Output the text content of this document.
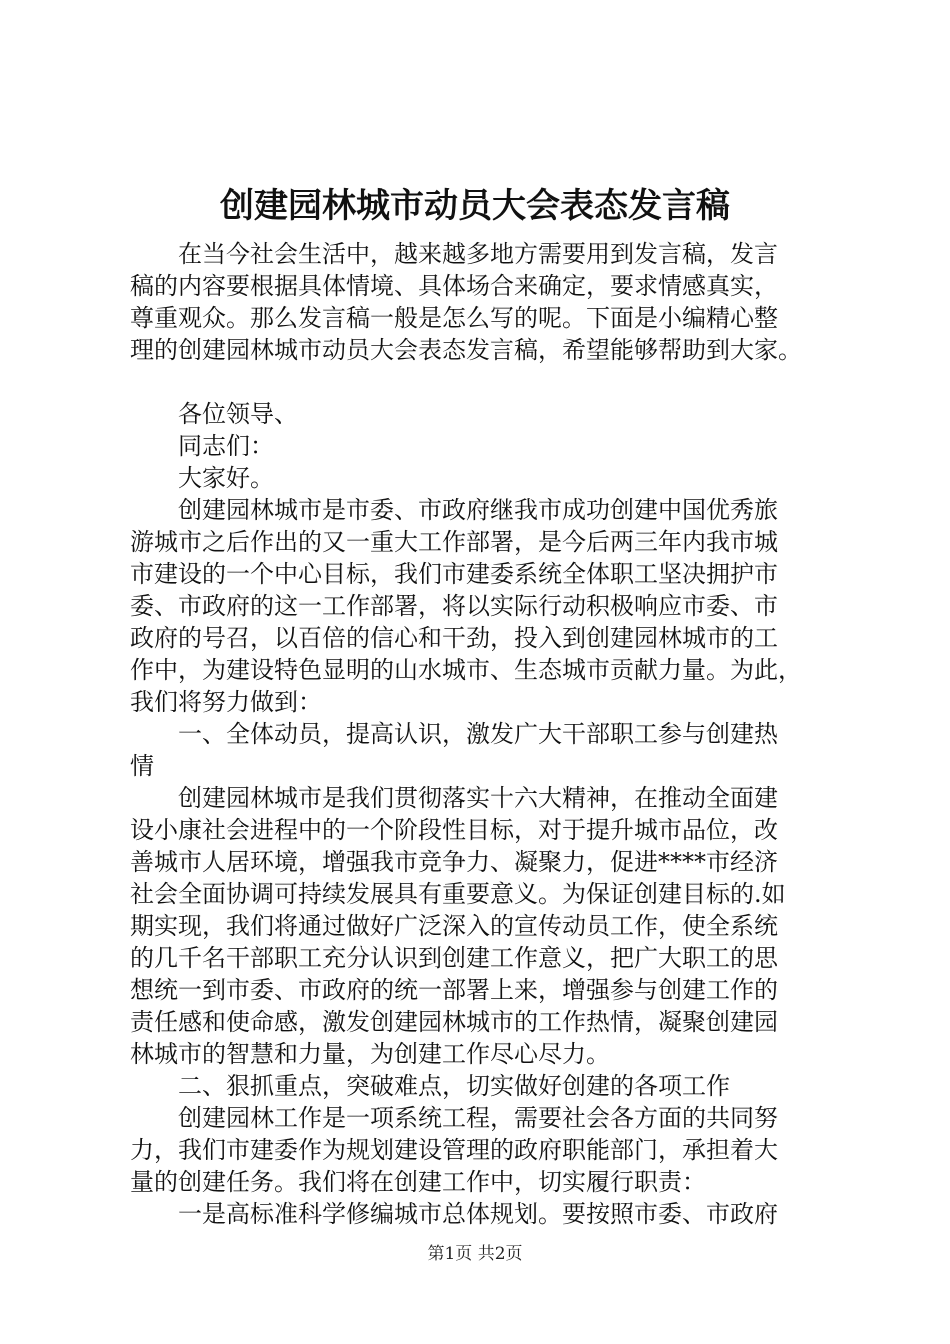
创建园林城市动员大会表态发言稿
在当今社会生活中，越来越多地方需要用到发言稿，发言
稿的内容要根据具体情境、具体场合来确定，要求情感真实，
尊重观众。那么发言稿一般是怎么写的呢。下面是小编精心整
理的创建园林城市动员大会表态发言稿，希望能够帮助到大家。
各位领导、
同志们：
大家好。
创建园林城市是市委、市政府继我市成功创建中国优秀旅
游城市之后作出的又一重大工作部署，是今后两三年内我市城
市建设的一个中心目标，我们市建委系统全体职工坚决拥护市
委、市政府的这一工作部署，将以实际行动积极响应市委、市
政府的号召，以百倍的信心和干劲，投入到创建园林城市的工
作中，为建设特色显明的山水城市、生态城市贡献力量。为此，
我们将努力做到：
一、全体动员，提高认识，激发广大干部职工参与创建热
情
创建园林城市是我们贯彻落实十六大精神，在推动全面建
设小康社会进程中的一个阶段性目标，对于提升城市品位，改
善城市人居环境，增强我市竞争力、凝聚力，促进****市经济
社会全面协调可持续发展具有重要意义。为保证创建目标的.如
期实现，我们将通过做好广泛深入的宣传动员工作，使全系统
的几千名干部职工充分认识到创建工作意义，把广大职工的思
想统一到市委、市政府的统一部署上来，增强参与创建工作的
责任感和使命感，激发创建园林城市的工作热情，凝聚创建园
林城市的智慧和力量，为创建工作尽心尽力。
二、狠抓重点，突破难点，切实做好创建的各项工作
创建园林工作是一项系统工程，需要社会各方面的共同努
力，我们市建委作为规划建设管理的政府职能部门，承担着大
量的创建任务。我们将在创建工作中，切实履行职责：
一是高标准科学修编城市总体规划。要按照市委、市政府
第1页 共2页
